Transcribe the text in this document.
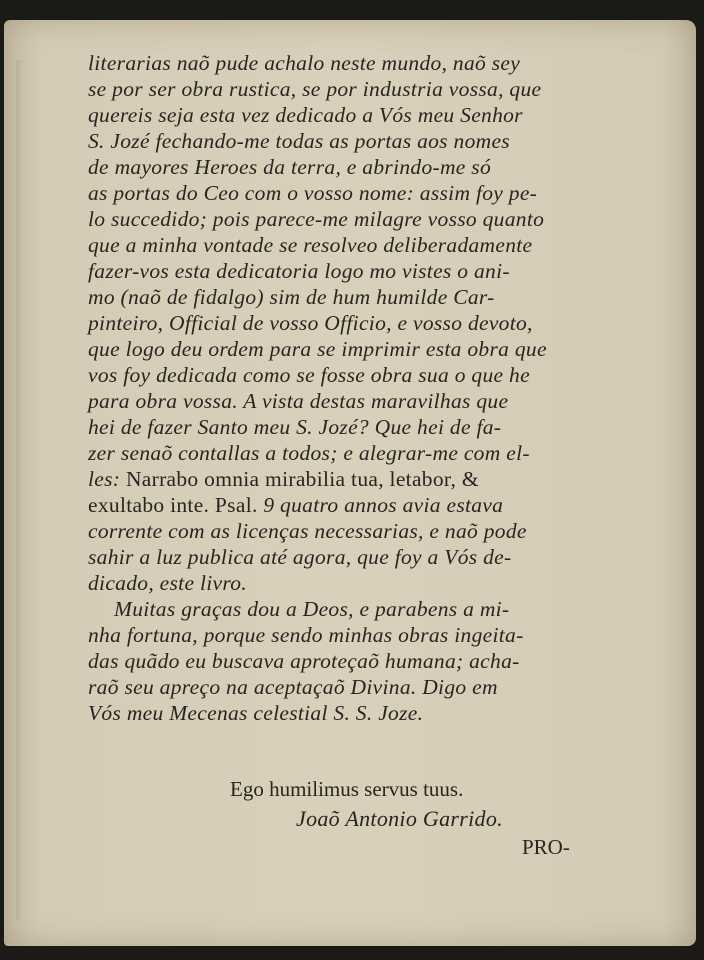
literarias naõ pude achalo neste mundo, naõ sey
se por ser obra rustica, se por industria vossa, que
quereis seja esta vez dedicado a Vós meu Senhor
S. Jozé fechando-me todas as portas aos nomes
de mayores Heroes da terra, e abrindo-me só
as portas do Ceo com o vosso nome: assim foy pe-
lo succedido; pois parece-me milagre vosso quanto
que a minha vontade se resolveo deliberadamente
fazer-vos esta dedicatoria logo mo vistes o ani-
mo (naõ de fidalgo) sim de hum humilde Car-
pinteiro, Official de vosso Officio, e vosso devoto,
que logo deu ordem para se imprimir esta obra que
vos foy dedicada como se fosse obra sua o que he
para obra vossa. A vista destas maravilhas que
hei de fazer Santo meu S. Jozé? Que hei de fa-
zer senaõ contallas a todos; e alegrar-me com el-
les: Narrabo omnia mirabilia tua, letabor, &
exultabo inte. Psal. 9 quatro annos avia estava
corrente com as licenças necessarias, e naõ pode
sahir a luz publica até agora, que foy a Vós de-
dicado, este livro.
Muitas graças dou a Deos, e parabens a mi-
nha fortuna, porque sendo minhas obras ingeita-
das quãdo eu buscava aproteçaõ humana; acha-
raõ seu apreço na aceptaçaõ Divina. Digo em
Vós meu Mecenas celestial S. S. Joze.
Ego humilimus servus tuus.
Joaõ Antonio Garrido.
PRO-
